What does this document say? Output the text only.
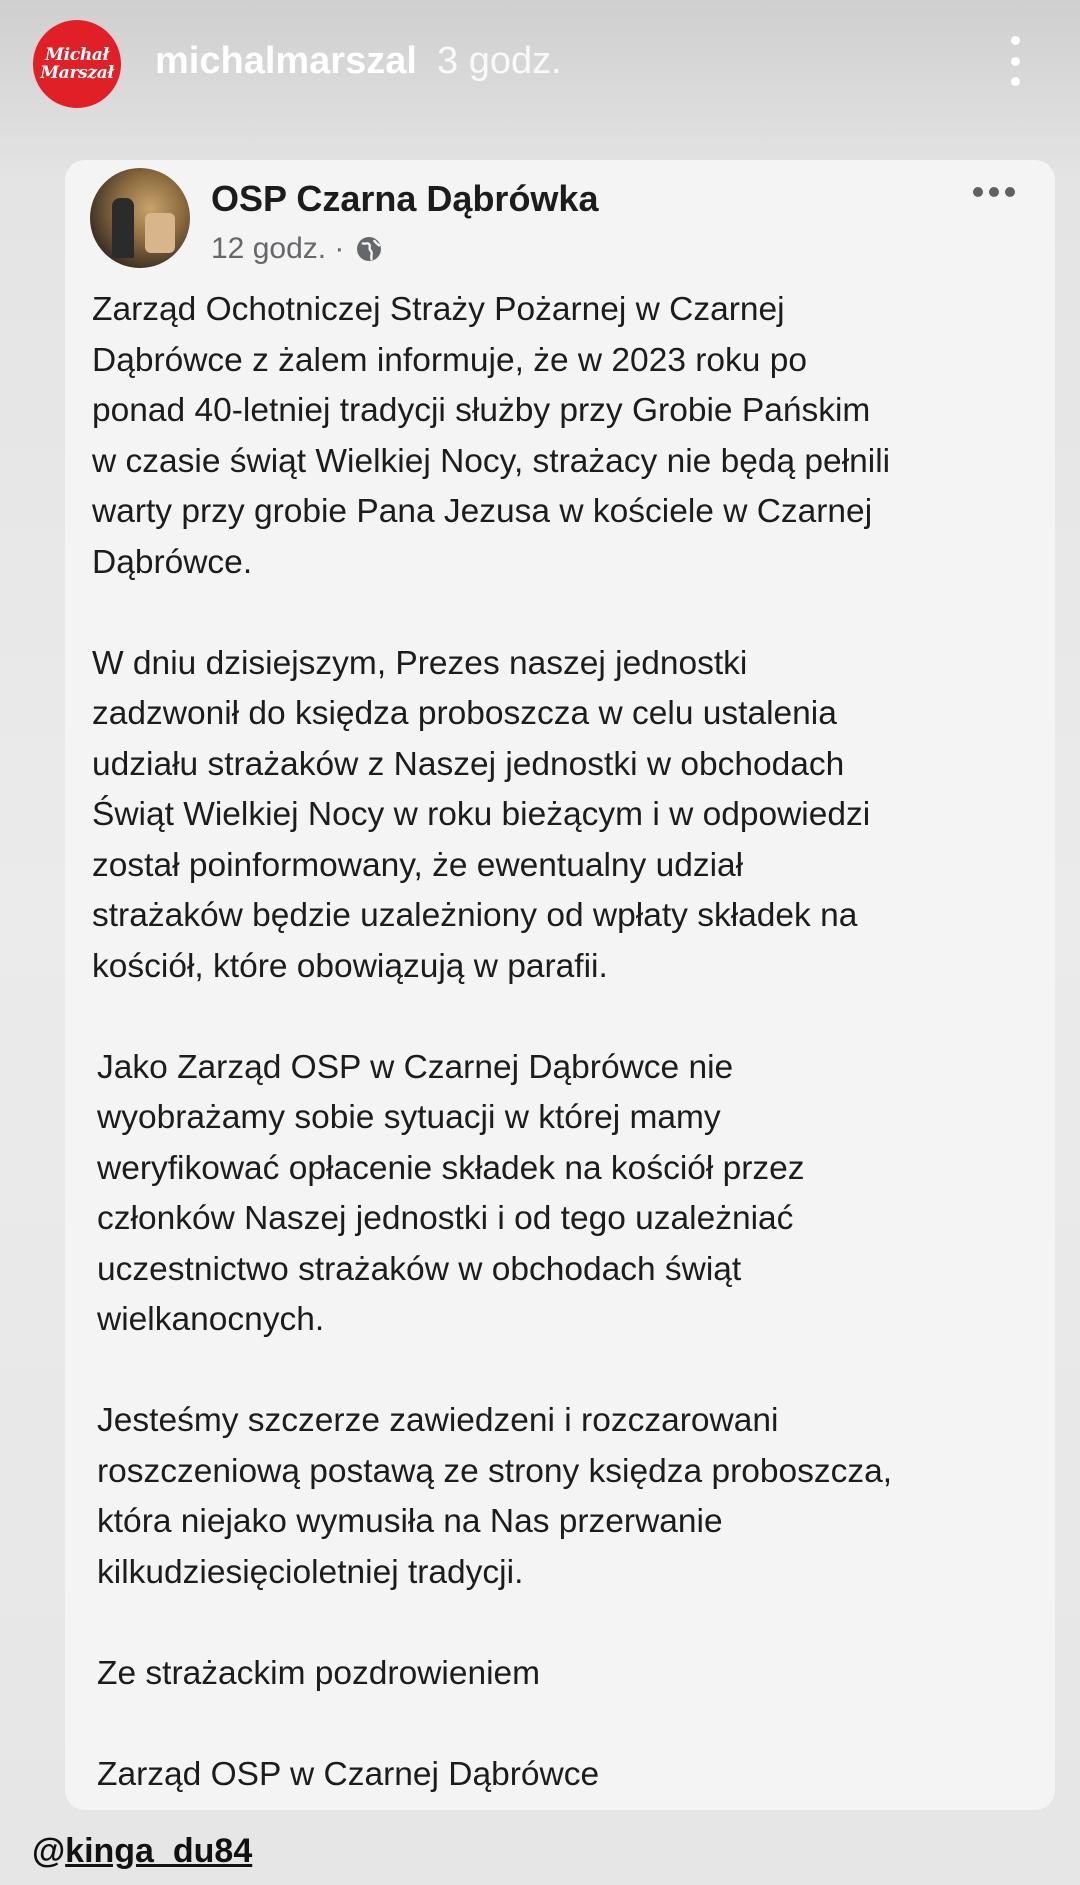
Michał
Marszał michalmarszal 3 godz.
OSP Czarna Dąbrówka
12 godz. ·

Zarząd Ochotniczej Straży Pożarnej w Czarnej
Dąbrówce z żalem informuje, że w 2023 roku po
ponad 40-letniej tradycji służby przy Grobie Pańskim
w czasie świąt Wielkiej Nocy, strażacy nie będą pełnili
warty przy grobie Pana Jezusa w kościele w Czarnej
Dąbrówce.

W dniu dzisiejszym, Prezes naszej jednostki
zadzwonił do księdza proboszcza w celu ustalenia
udziału strażaków z Naszej jednostki w obchodach
Świąt Wielkiej Nocy w roku bieżącym i w odpowiedzi
został poinformowany, że ewentualny udział
strażaków będzie uzależniony od wpłaty składek na
kościół, które obowiązują w parafii.

Jako Zarząd OSP w Czarnej Dąbrówce nie
wyobrażamy sobie sytuacji w której mamy
weryfikować opłacenie składek na kościół przez
członków Naszej jednostki i od tego uzależniać
uczestnictwo strażaków w obchodach świąt
wielkanocnych.

Jesteśmy szczerze zawiedzeni i rozczarowani
roszczeniową postawą ze strony księdza proboszcza,
która niejako wymusiła na Nas przerwanie
kilkudziesięcioletniej tradycji.

Ze strażackim pozdrowieniem

Zarząd OSP w Czarnej Dąbrówce

@kinga_du84
